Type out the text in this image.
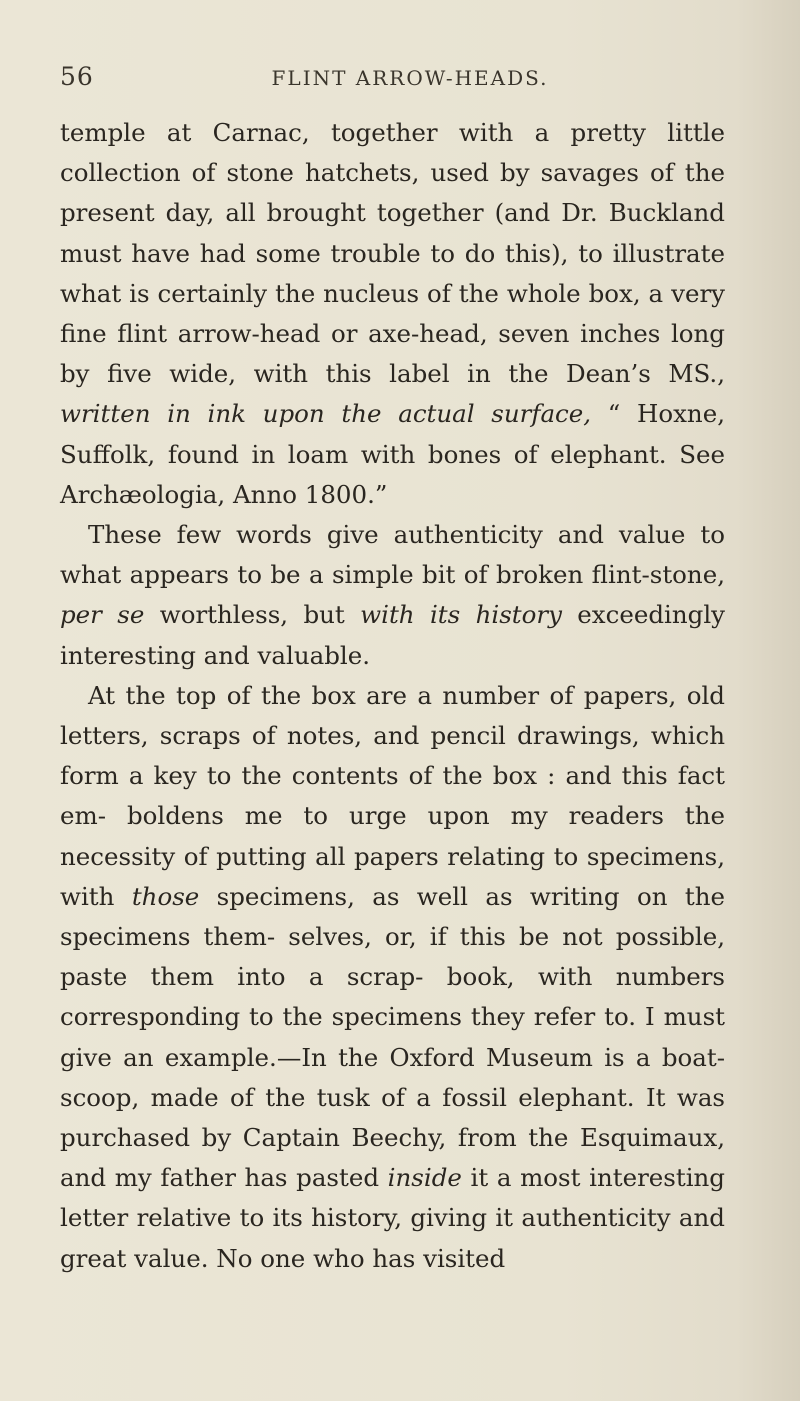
56	FLINT ARROW-HEADS.

temple at Carnac, together with a pretty little collection of stone hatchets, used by savages of the present day, all brought together (and Dr. Buckland must have had some trouble to do this), to illustrate what is certainly the nucleus of the whole box, a very fine flint arrow-head or axe-head, seven inches long by five wide, with this label in the Dean’s MS., written in ink upon the actual surface, “ Hoxne, Suffolk, found in loam with bones of elephant. See Archæologia, Anno 1800.”

These few words give authenticity and value to what appears to be a simple bit of broken flint-stone, per se worthless, but with its history exceedingly interesting and valuable.

At the top of the box are a number of papers, old letters, scraps of notes, and pencil drawings, which form a key to the contents of the box : and this fact em- boldens me to urge upon my readers the necessity of putting all papers relating to specimens, with those specimens, as well as writing on the specimens them- selves, or, if this be not possible, paste them into a scrap- book, with numbers corresponding to the specimens they refer to. I must give an example.—In the Oxford Museum is a boat-scoop, made of the tusk of a fossil elephant. It was purchased by Captain Beechy, from the Esquimaux, and my father has pasted inside it a most interesting letter relative to its history, giving it authenticity and great value. No one who has visited
